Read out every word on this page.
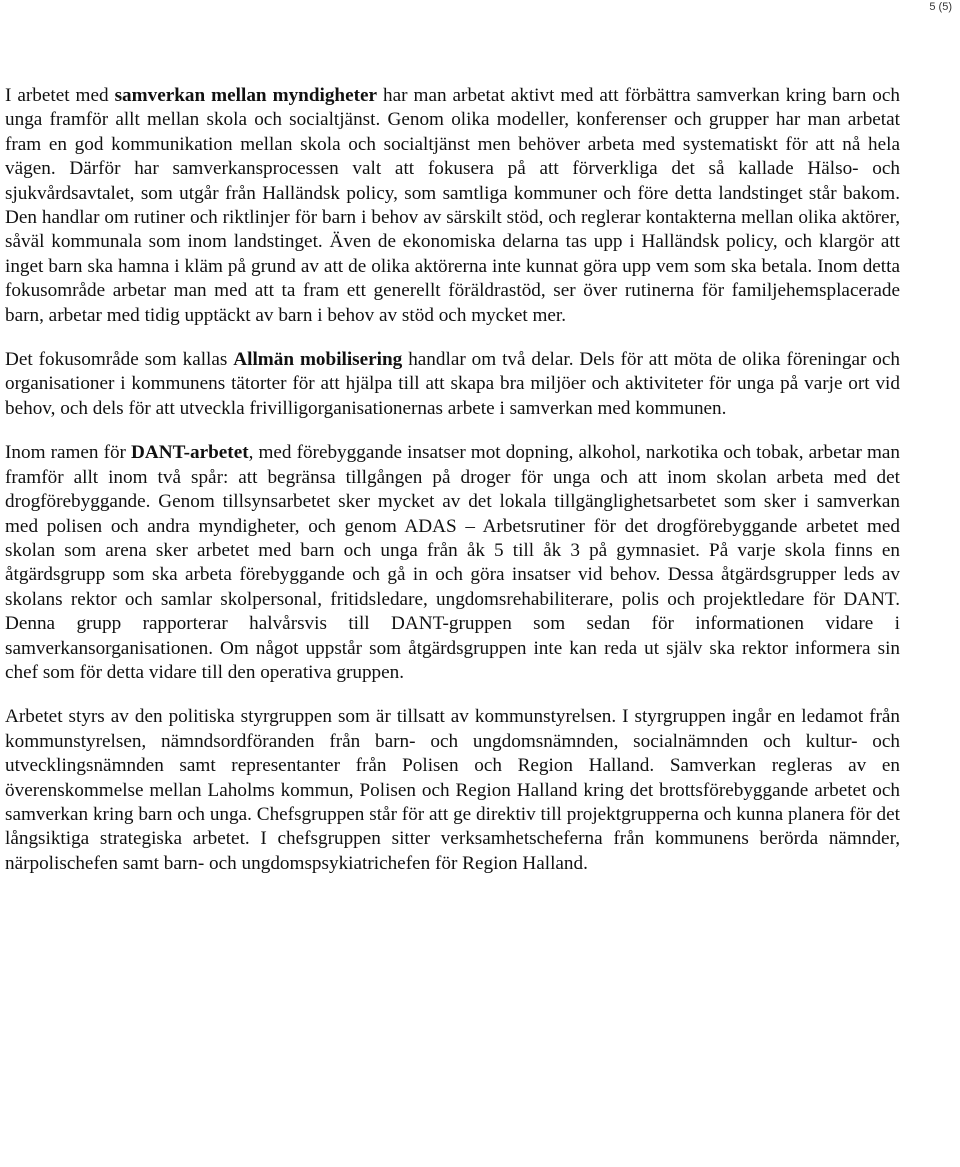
5 (5)

I arbetet med samverkan mellan myndigheter har man arbetat aktivt med att förbättra samverkan kring barn och unga framför allt mellan skola och socialtjänst. Genom olika modeller, konferenser och grupper har man arbetat fram en god kommunikation mellan skola och socialtjänst men behöver arbeta med systematiskt för att nå hela vägen. Därför har samverkansprocessen valt att fokusera på att förverkliga det så kallade Hälso- och sjukvårdsavtalet, som utgår från Halländsk policy, som samtliga kommuner och före detta landstinget står bakom. Den handlar om rutiner och riktlinjer för barn i behov av särskilt stöd, och reglerar kontakterna mellan olika aktörer, såväl kommunala som inom landstinget. Även de ekonomiska delarna tas upp i Halländsk policy, och klargör att inget barn ska hamna i kläm på grund av att de olika aktörerna inte kunnat göra upp vem som ska betala. Inom detta fokusområde arbetar man med att ta fram ett generellt föräldrastöd, ser över rutinerna för familjehemsplacerade barn, arbetar med tidig upptäckt av barn i behov av stöd och mycket mer.

Det fokusområde som kallas Allmän mobilisering handlar om två delar. Dels för att möta de olika föreningar och organisationer i kommunens tätorter för att hjälpa till att skapa bra miljöer och aktiviteter för unga på varje ort vid behov, och dels för att utveckla frivilligorganisationernas arbete i samverkan med kommunen.

Inom ramen för DANT-arbetet, med förebyggande insatser mot dopning, alkohol, narkotika och tobak, arbetar man framför allt inom två spår: att begränsa tillgången på droger för unga och att inom skolan arbeta med det drogförebyggande. Genom tillsynsarbetet sker mycket av det lokala tillgänglighetsarbetet som sker i samverkan med polisen och andra myndigheter, och genom ADAS – Arbetsrutiner för det drogförebyggande arbetet med skolan som arena sker arbetet med barn och unga från åk 5 till åk 3 på gymnasiet. På varje skola finns en åtgärdsgrupp som ska arbeta förebyggande och gå in och göra insatser vid behov. Dessa åtgärdsgrupper leds av skolans rektor och samlar skolpersonal, fritidsledare, ungdomsrehabiliterare, polis och projektledare för DANT. Denna grupp rapporterar halvårsvis till DANT-gruppen som sedan för informationen vidare i samverkansorganisationen. Om något uppstår som åtgärdsgruppen inte kan reda ut själv ska rektor informera sin chef som för detta vidare till den operativa gruppen.

Arbetet styrs av den politiska styrgruppen som är tillsatt av kommunstyrelsen. I styrgruppen ingår en ledamot från kommunstyrelsen, nämndsordföranden från barn- och ungdomsnämnden, socialnämnden och kultur- och utvecklingsnämnden samt representanter från Polisen och Region Halland. Samverkan regleras av en överenskommelse mellan Laholms kommun, Polisen och Region Halland kring det brottsförebyggande arbetet och samverkan kring barn och unga. Chefsgruppen står för att ge direktiv till projektgrupperna och kunna planera för det långsiktiga strategiska arbetet. I chefsgruppen sitter verksamhetscheferna från kommunens berörda nämnder, närpolischefen samt barn- och ungdomspsykiatrichefen för Region Halland.
